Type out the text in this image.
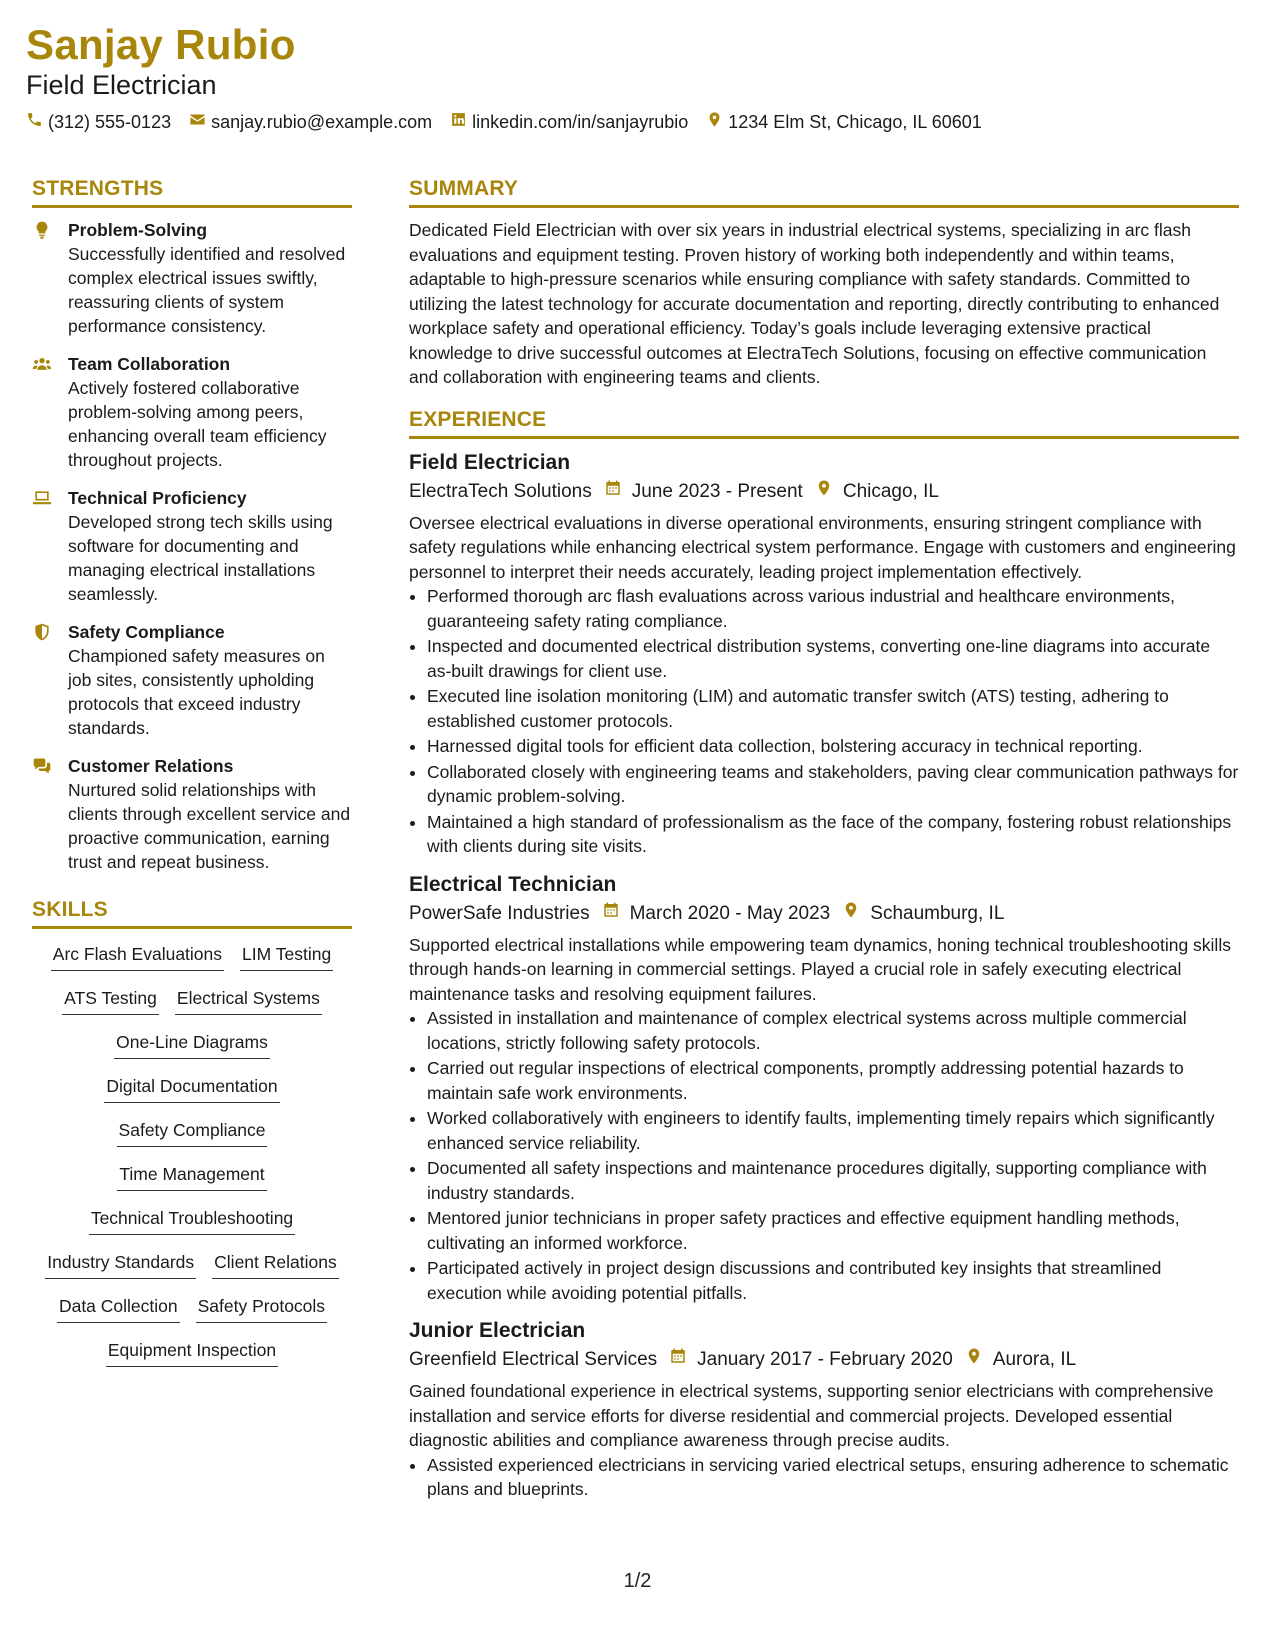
Sanjay Rubio
Field Electrician
(312) 555-0123 sanjay.rubio@example.com linkedin.com/in/sanjayrubio 1234 Elm St, Chicago, IL 60601
STRENGTHS
Problem-Solving
Successfully identified and resolved complex electrical issues swiftly, reassuring clients of system performance consistency.
Team Collaboration
Actively fostered collaborative problem-solving among peers, enhancing overall team efficiency throughout projects.
Technical Proficiency
Developed strong tech skills using software for documenting and managing electrical installations seamlessly.
Safety Compliance
Championed safety measures on job sites, consistently upholding protocols that exceed industry standards.
Customer Relations
Nurtured solid relationships with clients through excellent service and proactive communication, earning trust and repeat business.
SKILLS
Arc Flash Evaluations LIM Testing
ATS Testing Electrical Systems
One-Line Diagrams
Digital Documentation
Safety Compliance
Time Management
Technical Troubleshooting
Industry Standards Client Relations
Data Collection Safety Protocols
Equipment Inspection
SUMMARY
Dedicated Field Electrician with over six years in industrial electrical systems, specializing in arc flash evaluations and equipment testing. Proven history of working both independently and within teams, adaptable to high-pressure scenarios while ensuring compliance with safety standards. Committed to utilizing the latest technology for accurate documentation and reporting, directly contributing to enhanced workplace safety and operational efficiency. Today’s goals include leveraging extensive practical knowledge to drive successful outcomes at ElectraTech Solutions, focusing on effective communication and collaboration with engineering teams and clients.
EXPERIENCE
Field Electrician
ElectraTech Solutions June 2023 - Present Chicago, IL
Oversee electrical evaluations in diverse operational environments, ensuring stringent compliance with safety regulations while enhancing electrical system performance. Engage with customers and engineering personnel to interpret their needs accurately, leading project implementation effectively.
• Performed thorough arc flash evaluations across various industrial and healthcare environments, guaranteeing safety rating compliance.
• Inspected and documented electrical distribution systems, converting one-line diagrams into accurate as-built drawings for client use.
• Executed line isolation monitoring (LIM) and automatic transfer switch (ATS) testing, adhering to established customer protocols.
• Harnessed digital tools for efficient data collection, bolstering accuracy in technical reporting.
• Collaborated closely with engineering teams and stakeholders, paving clear communication pathways for dynamic problem-solving.
• Maintained a high standard of professionalism as the face of the company, fostering robust relationships with clients during site visits.
Electrical Technician
PowerSafe Industries March 2020 - May 2023 Schaumburg, IL
Supported electrical installations while empowering team dynamics, honing technical troubleshooting skills through hands-on learning in commercial settings. Played a crucial role in safely executing electrical maintenance tasks and resolving equipment failures.
• Assisted in installation and maintenance of complex electrical systems across multiple commercial locations, strictly following safety protocols.
• Carried out regular inspections of electrical components, promptly addressing potential hazards to maintain safe work environments.
• Worked collaboratively with engineers to identify faults, implementing timely repairs which significantly enhanced service reliability.
• Documented all safety inspections and maintenance procedures digitally, supporting compliance with industry standards.
• Mentored junior technicians in proper safety practices and effective equipment handling methods, cultivating an informed workforce.
• Participated actively in project design discussions and contributed key insights that streamlined execution while avoiding potential pitfalls.
Junior Electrician
Greenfield Electrical Services January 2017 - February 2020 Aurora, IL
Gained foundational experience in electrical systems, supporting senior electricians with comprehensive installation and service efforts for diverse residential and commercial projects. Developed essential diagnostic abilities and compliance awareness through precise audits.
• Assisted experienced electricians in servicing varied electrical setups, ensuring adherence to schematic plans and blueprints.
1/2
